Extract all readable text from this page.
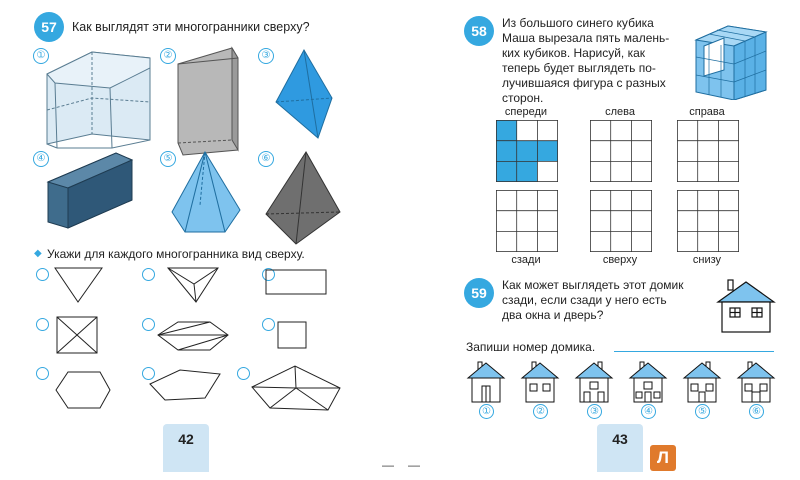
57	Как выглядят эти многогранники сверху?
①	②	③
④	⑤	⑥
◆ Укажи для каждого многогранника вид сверху.
42
— —
58	Из большого синего кубика
Маша вырезала пять малень-
ких кубиков. Нарисуй, как
теперь будет выглядеть по-
лучившаяся фигура с разных
сторон.
спереди	слева	справа
сзади	сверху	снизу
59	Как может выглядеть этот домик
сзади, если сзади у него есть
два окна и дверь?
Запиши номер домика.
①	②	③	④	⑤	⑥
43
Л
